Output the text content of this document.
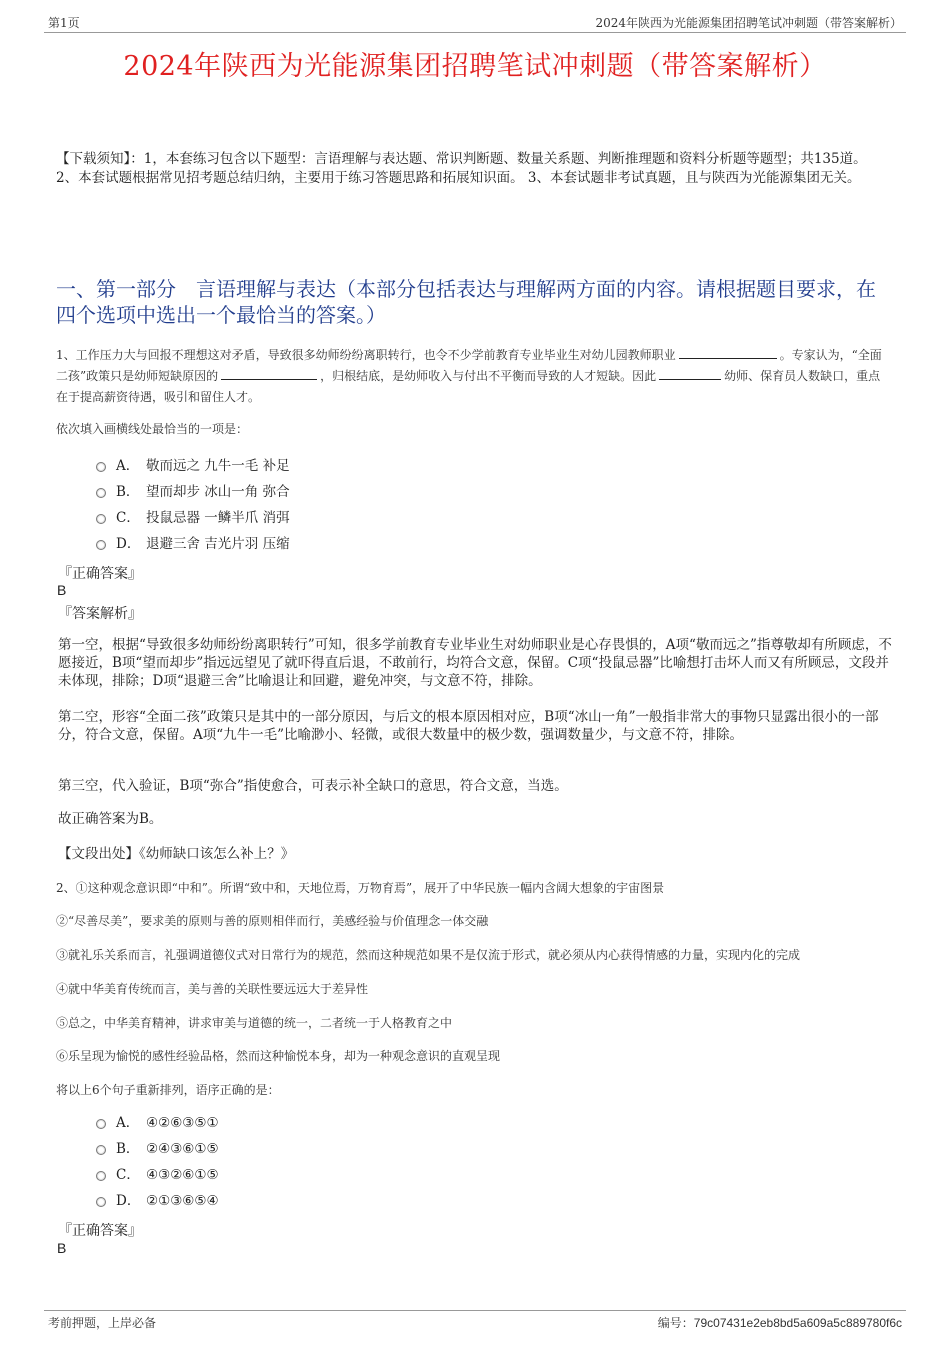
第1页	2024年陕西为光能源集团招聘笔试冲刺题（带答案解析）
2024年陕西为光能源集团招聘笔试冲刺题（带答案解析）
【下载须知】：1，本套练习包含以下题型：言语理解与表达题、常识判断题、数量关系题、判断推理题和资料分析题等题型；共135道。 2、本套试题根据常见招考题总结归纳，主要用于练习答题思路和拓展知识面。 3、本套试题非考试真题，且与陕西为光能源集团无关。
一、第一部分　言语理解与表达（本部分包括表达与理解两方面的内容。请根据题目要求，在四个选项中选出一个最恰当的答案。）
1、工作压力大与回报不理想这对矛盾，导致很多幼师纷纷离职转行，也令不少学前教育专业毕业生对幼儿园教师职业	。专家认为，“全面二孩”政策只是幼师短缺原因的	，归根结底，是幼师收入与付出不平衡而导致的人才短缺。因此	幼师、保育员人数缺口，重点在于提高薪资待遇，吸引和留住人才。
依次填入画横线处最恰当的一项是：
A． 敬而远之 九牛一毛 补足
B． 望而却步 冰山一角 弥合
C． 投鼠忌器 一鳞半爪 消弭
D． 退避三舍 吉光片羽 压缩
『正确答案』
B
『答案解析』
第一空，根据“导致很多幼师纷纷离职转行”可知，很多学前教育专业毕业生对幼师职业是心存畏惧的，A项“敬而远之”指尊敬却有所顾虑，不愿接近，B项“望而却步”指远远望见了就吓得直后退，不敢前行，均符合文意，保留。C项“投鼠忌器”比喻想打击坏人而又有所顾忌，文段并未体现，排除；D项“退避三舍”比喻退让和回避，避免冲突，与文意不符，排除。
第二空，形容“全面二孩”政策只是其中的一部分原因，与后文的根本原因相对应，B项“冰山一角”一般指非常大的事物只显露出很小的一部分，符合文意，保留。A项“九牛一毛”比喻渺小、轻微，或很大数量中的极少数，强调数量少，与文意不符，排除。
第三空，代入验证，B项“弥合”指使愈合，可表示补全缺口的意思，符合文意，当选。
故正确答案为B。
【文段出处】《幼师缺口该怎么补上？》
2、①这种观念意识即“中和”。所谓“致中和，天地位焉，万物育焉”，展开了中华民族一幅内含阔大想象的宇宙图景
②“尽善尽美”，要求美的原则与善的原则相伴而行，美感经验与价值理念一体交融
③就礼乐关系而言，礼强调道德仪式对日常行为的规范，然而这种规范如果不是仅流于形式，就必须从内心获得情感的力量，实现内化的完成
④就中华美育传统而言，美与善的关联性要远远大于差异性
⑤总之，中华美育精神，讲求审美与道德的统一，二者统一于人格教育之中
⑥乐呈现为愉悦的感性经验品格，然而这种愉悦本身，却为一种观念意识的直观呈现
将以上6个句子重新排列，语序正确的是：
A． ④②⑥③⑤①
B． ②④③⑥①⑤
C． ④③②⑥①⑤
D． ②①③⑥⑤④
『正确答案』
B
考前押题，上岸必备	编号：79c07431e2eb8bd5a609a5c889780f6c
